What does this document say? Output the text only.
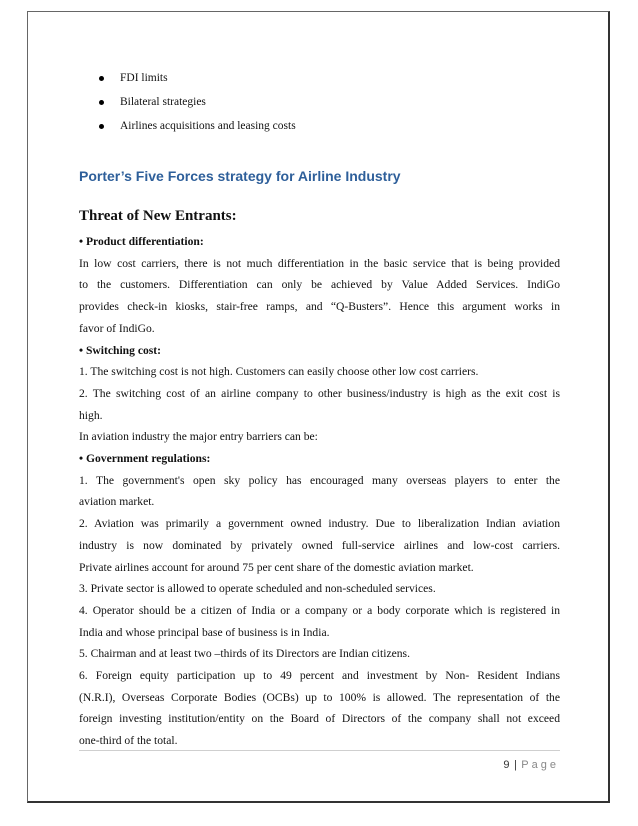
FDI limits
Bilateral strategies
Airlines acquisitions and leasing costs
Porter’s Five Forces strategy for Airline Industry
Threat of New Entrants:

• Product differentiation:

In low cost carriers, there is not much differentiation in the basic service that is being provided

to the customers. Differentiation can only be achieved by Value Added Services. IndiGo

provides check-in kiosks, stair-free ramps, and “Q-Busters”. Hence this argument works in

favor of IndiGo.

• Switching cost:

1. The switching cost is not high. Customers can easily choose other low cost carriers.

2. The switching cost of an airline company to other business/industry is high as the exit cost is

high.

In aviation industry the major entry barriers can be:

• Government regulations:

1. The government's open sky policy has encouraged many overseas players to enter the

aviation market.

2. Aviation was primarily a government owned industry. Due to liberalization Indian aviation

industry is now dominated by privately owned full-service airlines and low-cost carriers.

Private airlines account for around 75 per cent share of the domestic aviation market.

3. Private sector is allowed to operate scheduled and non-scheduled services.

4. Operator should be a citizen of India or a company or a body corporate which is registered in

India and whose principal base of business is in India.

5. Chairman and at least two –thirds of its Directors are Indian citizens.

6. Foreign equity participation up to 49 percent and investment by Non- Resident Indians

(N.R.I), Overseas Corporate Bodies (OCBs) up to 100% is allowed. The representation of the

foreign investing institution/entity on the Board of Directors of the company shall not exceed

one-third of the total.

9 | Page
